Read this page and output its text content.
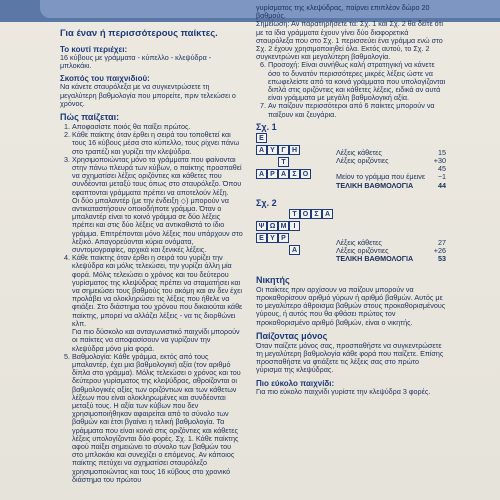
Για έναν ή περισσότερους παίκτες.
Το κουτί περιέχει:

16 κύβους με γράμματα - κύπελλο - κλεψύδρα - μπλοκάκι.

Σκοπός του παιχνιδιού:

Να κάνετε σταυρόλεξα με να συγκεντρώσετε τη μεγαλύτερη βαθμολογία που μπορείτε, πριν τελειώσει ο χρόνος.

Πώς παίζεται:
1. Αποφασίστε ποιός θα παίξει πρώτος.
2. Κάθε παίκτης όταν έρθει η σειρά του τοποθετεί και τους 16 κύβους μέσα στο κύπελλο, τους ρίχνει πάνω στο τραπέζι και γυρίζει την κλεψύδρα.
3. Χρησιμοποιώντας μόνο τα γράμματα που φαίνονται στην πάνω πλευρά των κύβων, ο παίκτης προσπαθεί να σχηματίσει λέξεις οριζόντιες και κάθετες που συνδέονται μεταξύ τους όπως στο σταυρόλεξο. Όπου εφαπτονται γράμματα πρέπει να αποτελούν λέξη.

Οι δύο μπαλαντέρ (με την ένδειξη ◇) μπορούν να αντικαταστήσουν οποιοδήποτε γράμμα. Όταν ο μπαλαντέρ είναι το κοινό γράμμα σε δύο λέξεις πρέπει και στις δύο λέξεις να αντικαθιστά το ίδιο γράμμα. Επιτρέπονται μόνο λέξεις που υπάρχουν στο λεξικό. Απαγορεύονται κύρια ονόματα, συντομογραφίες, αρχικά και ξενικές λέξεις.

4. Κάθε παίκτης όταν έρθει η σειρά του γυρίζει την κλεψύδρα και μόλις τελειώσει, την γυρίζει άλλη μία φορά. Μόλις τελειώσει ο χρόνος και του δεύτερου γυρίσματος της κλεψύδρας πρέπει να σταματήσει και να σημειώσει τους βαθμούς του ακόμη και αν δεν έχει προλάβει να ολοκληρώσει τις λέξεις που ήθελε να φτιάξει. Στο διάστημα του χρόνου που δικαιούται κάθε παίκτης, μπορεί να αλλάζει λέξεις - να τις διορθώνει κλπ.

Για πιο δύσκολο και ανταγωνιστικό παιχνίδι μπορούν οι παίκτες να αποφασίσουν να γυρίζουν την κλεψύδρα μόνο μία φορά.

5. Βαθμολογία: Κάθε γράμμα, εκτός από τους μπαλαντέρ, έχει μια βαθμολογική αξία (τον αριθμό δίπλα στο γράμμα). Μόλις τελειώσει ο χρόνος και του δεύτερου γυρίσματος της κλεψύδρας, αθροίζονται οι βαθμολογικές αξίες των οριζόντιων και των κάθετων λέξεων που είναι ολοκληρωμένες και συνδέονται μεταξύ τους. Η αξία των κύβων που δεν χρησιμοποιήθηκαν αφαιρείται από το σύνολο των βαθμών και έτσι βγαίνει η τελική βαθμολογία. Τα γράμματα που είναι κοινά στις οριζόντιες και κάθετες λέξεις υπολογίζονται δύο φορές. Σχ. 1. Κάθε παίκτης αφού παίξει σημειώνει το σύνολο των βαθμών του στο μπλοκάκι και συνεχίζει ο επόμενος. Αν κάποιος παίκτης πετύχει να σχηματίσει σταυρόλεξο χρησιμοποιώντας και τους 16 κύβους στο χρονικό διάστημα του πρώτου

γυρίσματος της κλεψύδρας, παίρνει επιπλέον δώρο 20 βαθμούς.

Σημείωση: Αν παρατηρήσετε τα: Σχ. 1 και Σχ. 2 θα δείτε ότι με τα ίδια γράμματα έχουν γίνει δύο διαφορετικά σταυρόλεξα που στο Σχ. 1 περισσεύει ένα γράμμα ενώ στο Σχ. 2 έχουν χρησιμοποιηθεί όλα. Εκτός αυτού, το Σχ. 2 συγκεντρώνει και μεγαλύτερη βαθμολογία.

6. Προσοχή: Είναι συνήθως καλή στρατηγική να κάνετε όσο το δυνατόν περισσότερες μικρές λέξεις ώστε να επωφελείστε από τα κοινά γράμματα που υπολογίζονται διπλά στις οριζόντιες και κάθετες λέξεις, ειδικά αν αυτά είναι γράμματα με μεγάλη βαθμολογική αξία.
7. Αν παίζουν περισσότεροι από 6 παίκτες μπορούν να παίξουν και ζευγάρια.
Σχ. 1
E
A Υ Γ Η
Τ
Α Ρ Α Σ Ο
Λέξεις κάθετες	15
Λέξεις οριζόντιες	+30
45
Μείον το γράμμα που έμεινε −1
ΤΕΛΙΚΗ ΒΑΘΜΟΛΟΓΙΑ	44
Σχ. 2
Τ Ο Σ Α
Ψ Ω Μ	Ι
Ε Υ Ρ
Α
Λέξεις κάθετες	27
Λέξεις οριζόντιες	+26
ΤΕΛΙΚΗ ΒΑΘΜΟΛΟΓΙΑ	53
Νικητής

Οι παίκτες πριν αρχίσουν να παίζουν μπορούν να προκαθορίσουν αριθμό γύρων ή αριθμό βαθμών. Αυτός με το μεγαλύτερο άθροισμα βαθμών στους προκαθορισμένους γύρους, ή αυτός που θα φθάσει πρώτος τον προκαθορισμένο αριθμό βαθμών, είναι ο νικητής.

Παίζοντας μόνος

Όταν παίζετε μόνος σας, προσπαθήστε να συγκεντρώσετε τη μεγαλύτερη βαθμολογία κάθε φορά που παίζετε. Επίσης προσπαθήστε να φτιάξετε τις λέξεις σας στο πρώτο γύρισμα της κλεψύδρας.

Πιο εύκολο παιχνίδι:

Για πιο εύκολο παιχνίδι γυρίστε την κλεψύδρα 3 φορές.
